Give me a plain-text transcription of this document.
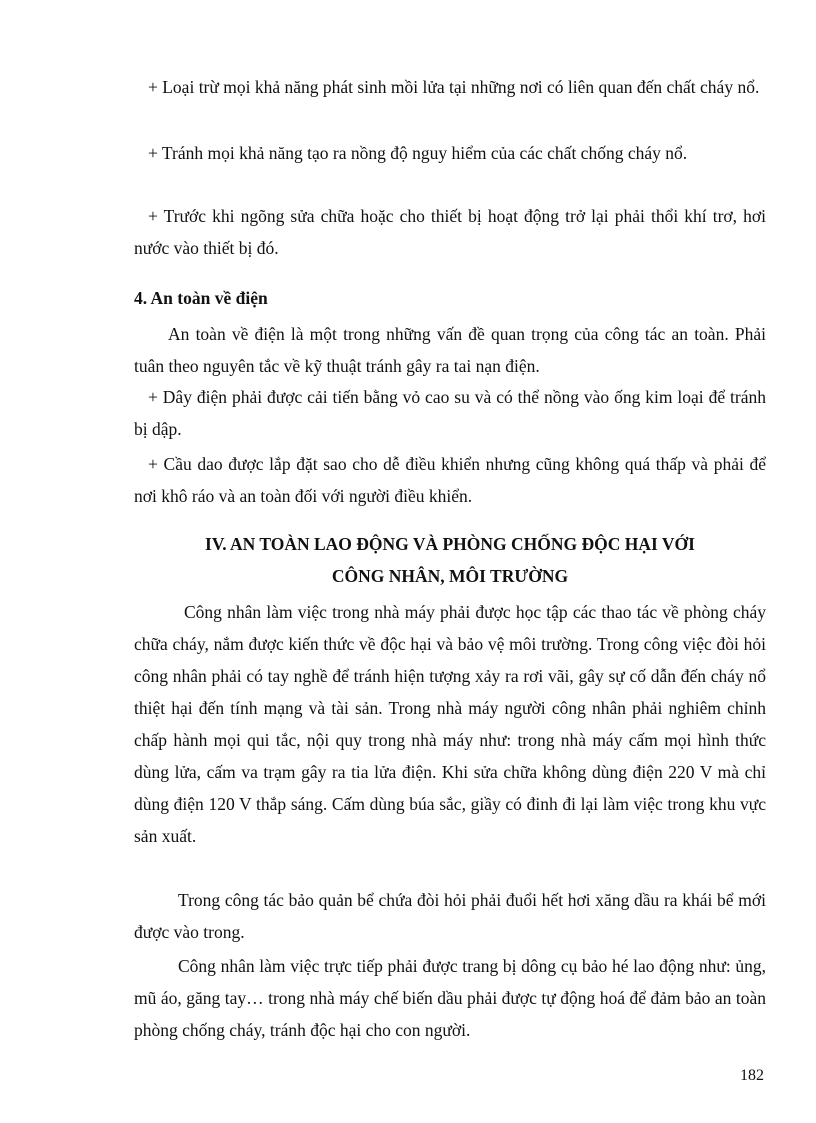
+ Loại trừ mọi khả năng phát sinh mồi lửa tại những nơi có liên quan đến chất cháy nổ.

+ Tránh mọi khả năng tạo ra nồng độ nguy hiểm của các chất chống cháy nổ.

+ Trước khi ngõng sửa chữa hoặc cho thiết bị hoạt động trở lại phải thổi khí trơ, hơi nước vào thiết bị đó.

4. An toàn về điện

An toàn về điện là một trong những vấn đề quan trọng của công tác an toàn. Phải tuân theo nguyên tắc về kỹ thuật tránh gây ra tai nạn điện.

+ Dây điện phải được cải tiến bằng vỏ cao su và có thể nồng vào ống kim loại để tránh bị dập.

+ Cầu dao được lắp đặt sao cho dễ điều khiển nhưng cũng không quá thấp và phải để nơi khô ráo và an toàn đối với người điều khiển.

IV. AN TOÀN LAO ĐỘNG VÀ PHÒNG CHỐNG ĐỘC HẠI VỚI
CÔNG NHÂN, MÔI TRƯỜNG

Công nhân làm việc trong nhà máy phải được học tập các thao tác về phòng cháy chữa cháy, nắm được kiến thức về độc hại và bảo vệ môi trường. Trong công việc đòi hỏi công nhân phải có tay nghề để tránh hiện tượng xảy ra rơi vãi, gây sự cố dẫn đến cháy nổ thiệt hại đến tính mạng và tài sản. Trong nhà máy người công nhân phải nghiêm chỉnh chấp hành mọi qui tắc, nội quy trong nhà máy như: trong nhà máy cấm mọi hình thức dùng lửa, cấm va trạm gây ra tia lửa điện. Khi sửa chữa không dùng điện 220 V mà chỉ dùng điện 120 V thắp sáng. Cấm dùng búa sắc, giầy có đinh đi lại làm việc trong khu vực sản xuất.

Trong công tác bảo quản bể chứa đòi hỏi phải đuổi hết hơi xăng dầu ra khái bể mới được vào trong.

Công nhân làm việc trực tiếp phải được trang bị dông cụ bảo hé lao động như: ủng, mũ áo, găng tay… trong nhà máy chế biến dầu phải được tự động hoá để đảm bảo an toàn phòng chống cháy, tránh độc hại cho con người.

182
